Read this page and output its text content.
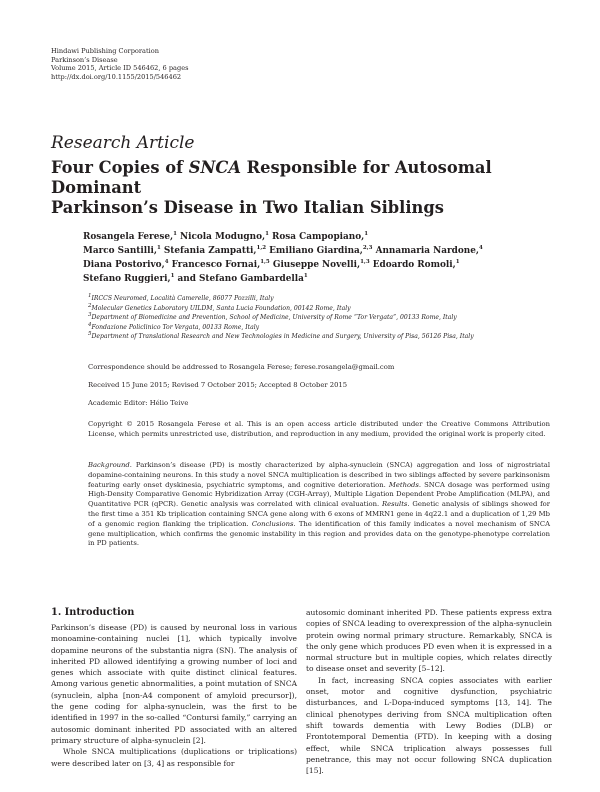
Hindawi Publishing Corporation
Parkinson’s Disease
Volume 2015, Article ID 546462, 6 pages
http://dx.doi.org/10.1155/2015/546462
Research Article
Four Copies of SNCA Responsible for Autosomal Dominant
Parkinson’s Disease in Two Italian Siblings
Rosangela Ferese,$^1$ Nicola Modugno,$^1$ Rosa Campopiano,$^1$
Marco Santilli,$^1$ Stefania Zampatti,$^{1,2}$ Emiliano Giardina,$^{2,3}$ Annamaria Nardone,$^4$
Diana Postorivo,$^4$ Francesco Fornai,$^{1,5}$ Giuseppe Novelli,$^{1,3}$ Edoardo Romoli,$^1$
Stefano Ruggieri,$^1$ and Stefano Gambardella$^1$
$^1$IRCCS Neuromed, Località Camerelle, 86077 Pozzilli, Italy
$^2$Molecular Genetics Laboratory UILDM, Santa Lucia Foundation, 00142 Rome, Italy
$^3$Department of Biomedicine and Prevention, School of Medicine, University of Rome “Tor Vergata”, 00133 Rome, Italy
$^4$Fondazione Policlinico Tor Vergata, 00133 Rome, Italy
$^5$Department of Translational Research and New Technologies in Medicine and Surgery, University of Pisa, 56126 Pisa, Italy
Correspondence should be addressed to Rosangela Ferese; ferese.rosangela@gmail.com
Received 15 June 2015; Revised 7 October 2015; Accepted 8 October 2015
Academic Editor: Hélio Teive
Copyright © 2015 Rosangela Ferese et al. This is an open access article distributed under the Creative Commons Attribution License, which permits unrestricted use, distribution, and reproduction in any medium, provided the original work is properly cited.
Background. Parkinson’s disease (PD) is mostly characterized by alpha-synuclein (SNCA) aggregation and loss of nigrostriatal dopamine-containing neurons. In this study a novel SNCA multiplication is described in two siblings affected by severe parkinsonism featuring early onset dyskinesia, psychiatric symptoms, and cognitive deterioration. Methods. SNCA dosage was performed using High-Density Comparative Genomic Hybridization Array (CGH-Array), Multiple Ligation Dependent Probe Amplification (MLPA), and Quantitative PCR (qPCR). Genetic analysis was correlated with clinical evaluation. Results. Genetic analysis of siblings showed for the first time a 351 Kb triplication containing SNCA gene along with 6 exons of MMRN1 gene in 4q22.1 and a duplication of 1,29 Mb of a genomic region flanking the triplication. Conclusions. The identification of this family indicates a novel mechanism of SNCA gene multiplication, which confirms the genomic instability in this region and provides data on the genotype-phenotype correlation in PD patients.
1. Introduction

Parkinson’s disease (PD) is caused by neuronal loss in various monoamine-containing nuclei [1], which typically involve dopamine neurons of the substantia nigra (SN). The analysis of inherited PD allowed identifying a growing number of loci and genes which associate with quite distinct clinical features. Among various genetic abnormalities, a point mutation of SNCA (synuclein, alpha [non-A4 component of amyloid precursor]), the gene coding for alpha-synuclein, was the first to be identified in 1997 in the so-called “Contursi family,” carrying an autosomic dominant inherited PD associated with an altered primary structure of alpha-synuclein [2].

Whole SNCA multiplications (duplications or triplications) were described later on [3, 4] as responsible for

autosomic dominant inherited PD. These patients express extra copies of SNCA leading to overexpression of the alpha-synuclein protein owing normal primary structure. Remarkably, SNCA is the only gene which produces PD even when it is expressed in a normal structure but in multiple copies, which relates directly to disease onset and severity [5–12].

In fact, increasing SNCA copies associates with earlier onset, motor and cognitive dysfunction, psychiatric disturbances, and L-Dopa-induced symptoms [13, 14]. The clinical phenotypes deriving from SNCA multiplication often shift towards dementia with Lewy Bodies (DLB) or Frontotemporal Dementia (FTD). In keeping with a dosing effect, while SNCA triplication always possesses full penetrance, this may not occur following SNCA duplication [15].
